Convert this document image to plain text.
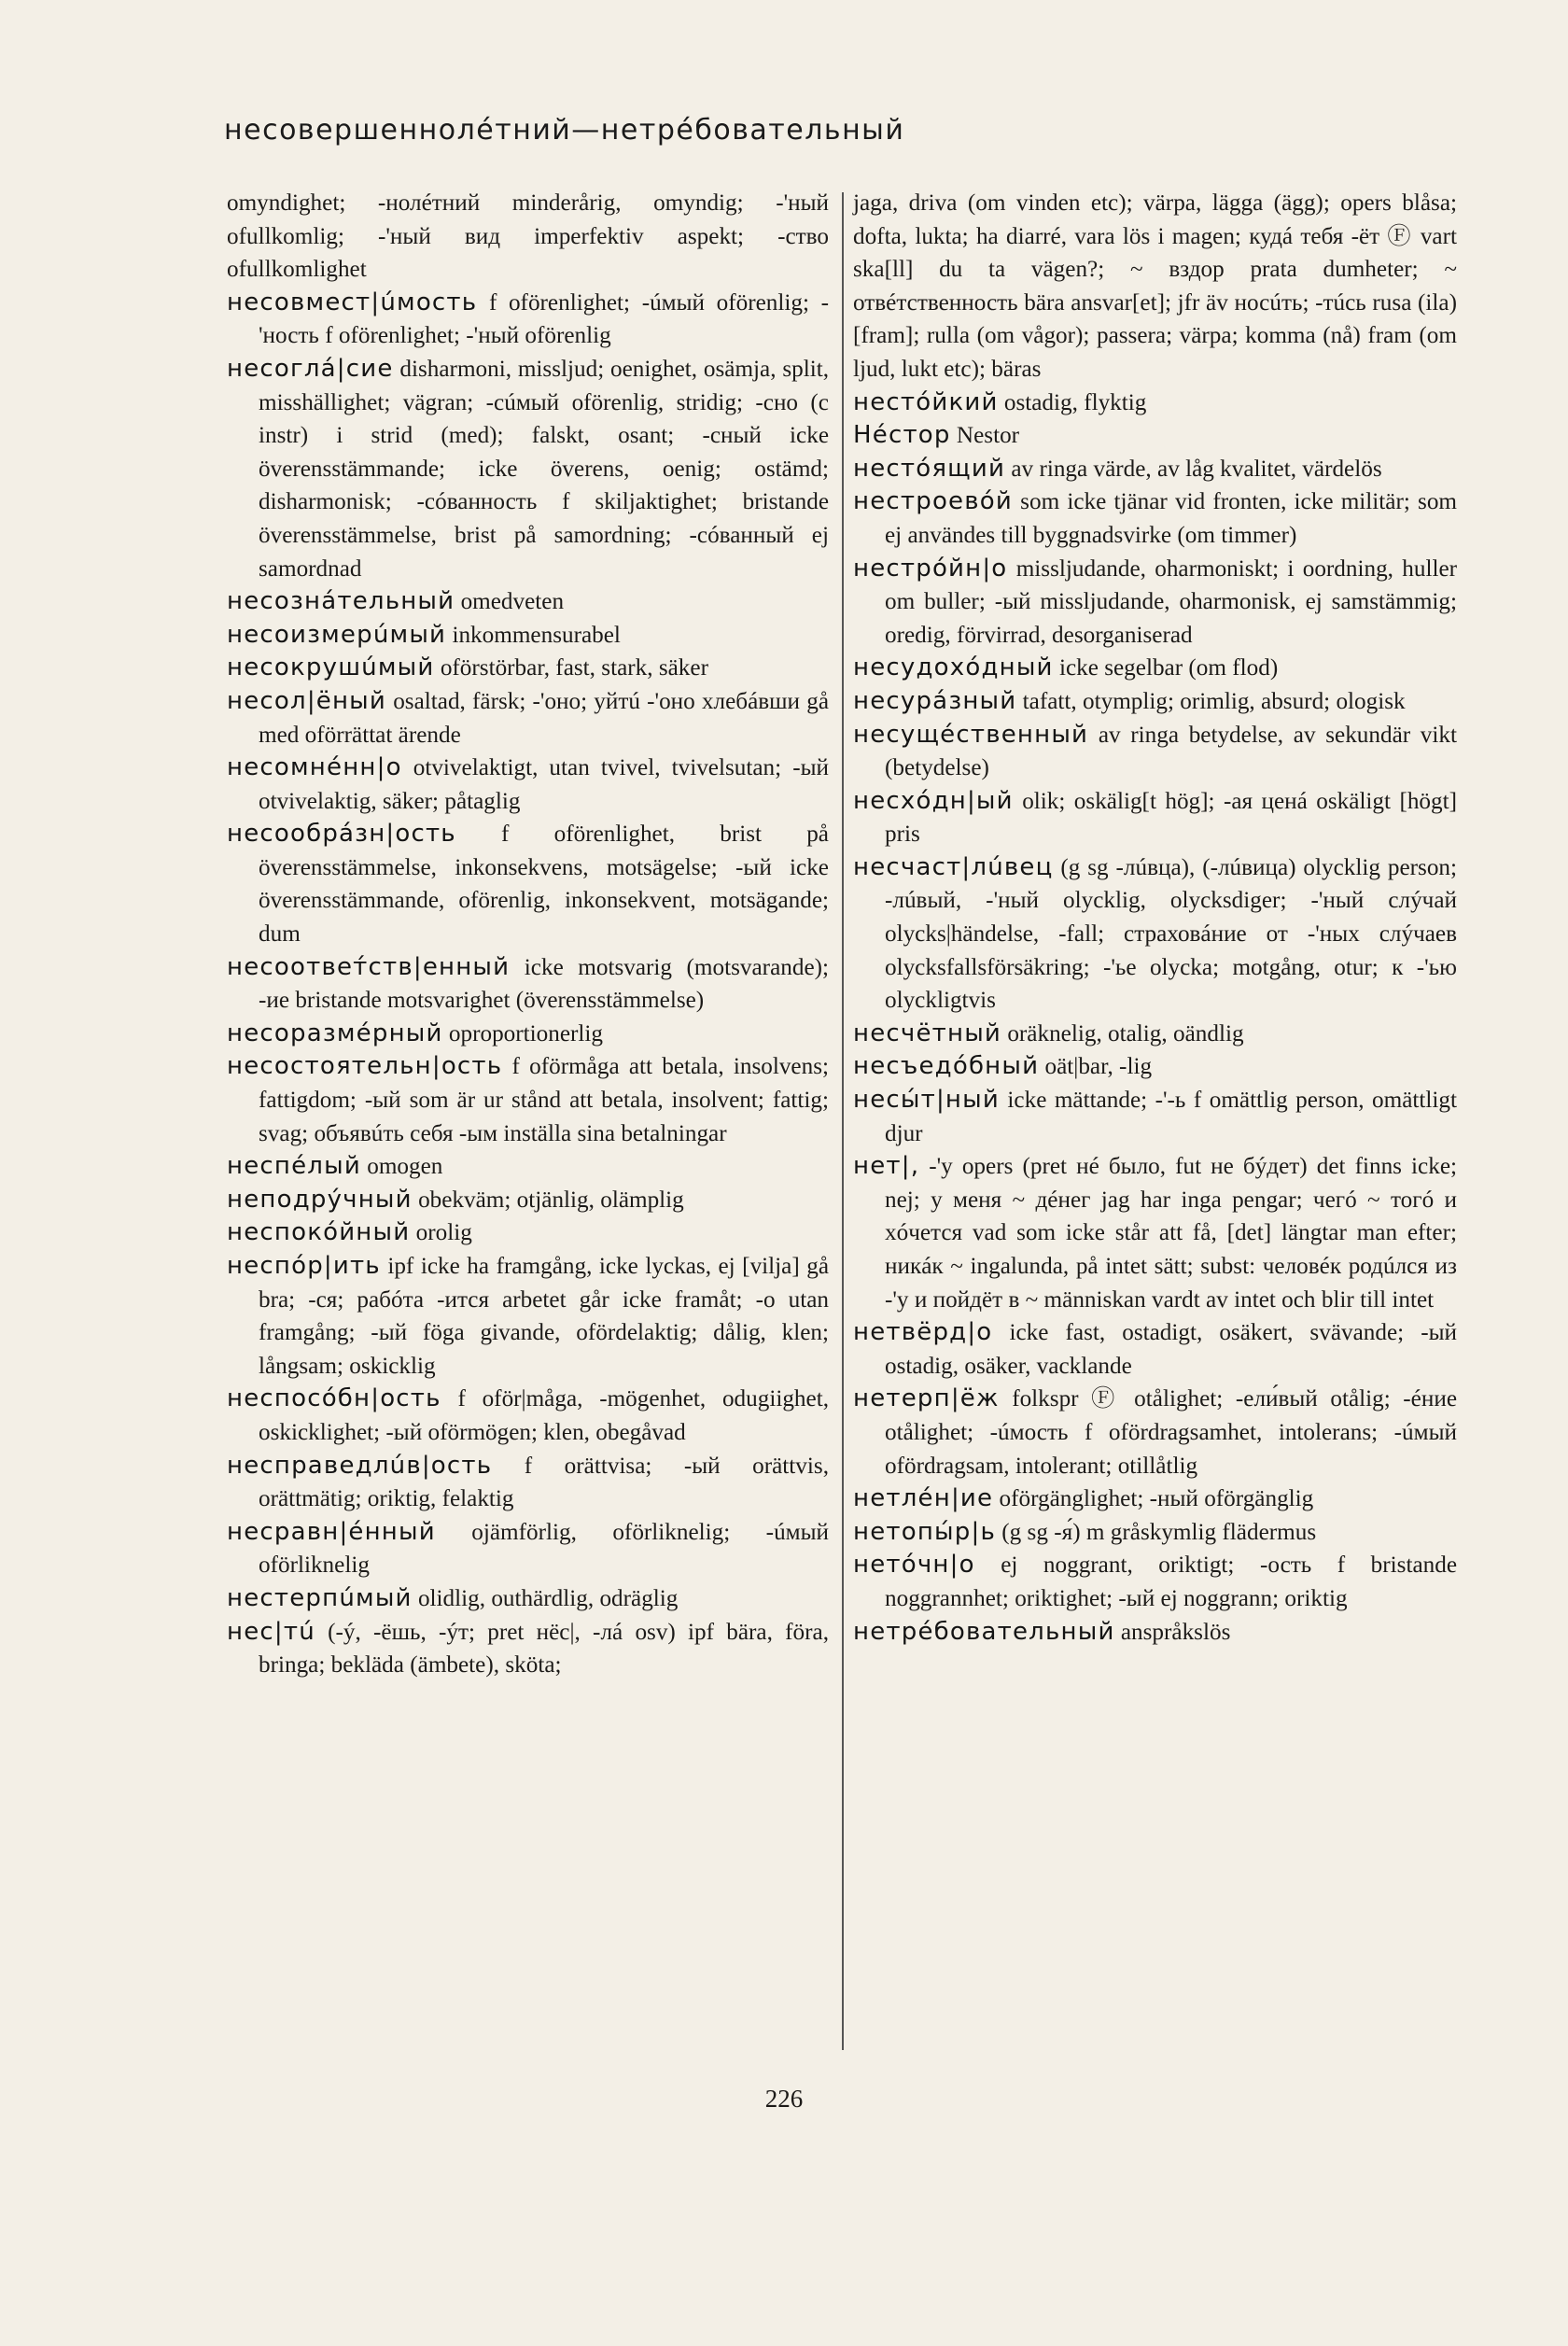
несовершеннолéтний—нетрéбовательный

omyndighet; -нолéтний minderårig, omyndig; -'ный ofullkomlig; -'ный вид imperfektiv aspekt; -ство ofullkomlighet

несовмест|úмость f oförenlighet; -úмый oförenlig; -'ность f oförenlighet; -'ный oförenlig

несоглá|сие disharmoni, missljud; oenighet, osämja, split, misshällighet; vägran; -сúмый oförenlig, stridig; -сно (с instr) i strid (med); falskt, osant; -сный icke överensstämmande; icke överens, oenig; ostämd; disharmonisk; -сóванность f skiljaktighet; bristande överensstämmelse, brist på samordning; -сóванный ej samordnad

несознáтельный omedveten

несоизмерúмый inkommensurabel

несокрушúмый oförstörbar, fast, stark, säker

несол|ёный osaltad, färsk; -'оно; уйтú -'оно хлебáвши gå med oförrättat ärende

несомнéнн|о otvivelaktigt, utan tvivel, tvivelsutan; -ый otvivelaktig, säker; påtaglig

несообрáзн|ость f oförenlighet, brist på överensstämmelse, inkonsekvens, motsägelse; -ый icke överensstämmande, oförenlig, inkonsekvent, motsägande; dum

несоответ́ств|енный icke motsvarig (motsvarande); -ие bristande motsvarighet (överensstämmelse)

несоразмéрный oproportionerlig

несостоятельн|ость f oförmåga att betala, insolvens; fattigdom; -ый som är ur stånd att betala, insolvent; fattig; svag; объявúть себя -ым inställa sina betalningar

неспéлый omogen

неподрýчный obekväm; otjänlig, olämplig

неспокóйный orolig

неспóр|ить ipf icke ha framgång, icke lyckas, ej [vilja] gå bra; -ся; рабóта -ится arbetet går icke framåt; -о utan framgång; -ый föga givande, ofördelaktig; dålig, klen; långsam; oskicklig

неспосóбн|ость f oför|måga, -mögenhet, odugiighet, oskicklighet; -ый oförmögen; klen, obegåvad

несправедлúв|ость f orättvisa; -ый orättvis, orättmätig; oriktig, felaktig

несравн|éнный ojämförlig, oförliknelig; -úмый oförliknelig

нестерпúмый olidlig, outhärdlig, odräglig

нес|тú (-ý, -ёшь, -ýт; pret нёс|, -лá osv) ipf bära, föra, bringa; bekläda (ämbete), sköta;

jaga, driva (om vinden etc); värpa, lägga (ägg); opers blåsa; dofta, lukta; ha diarré, vara lös i magen; кудá тебя -ёт Ⓕ vart ska[ll] du ta vägen?; ~ вздор prata dumheter; ~ отвéтственность bära ansvar[et]; jfr äv носúть; -тúсь rusa (ila) [fram]; rulla (om vågor); passera; värpa; komma (nå) fram (om ljud, lukt etc); bäras

нестóйкий ostadig, flyktig

Нéстор Nestor

нестóящий av ringa värde, av låg kvalitet, värdelös

нестроевóй som icke tjänar vid fronten, icke militär; som ej användes till byggnadsvirke (om timmer)

нестрóйн|о missljudande, oharmoniskt; i oordning, huller om buller; -ый missljudande, oharmonisk, ej samstämmig; oredig, förvirrad, desorganiserad

несудохóдный icke segelbar (om flod)

несурáзный tafatt, otymplig; orimlig, absurd; ologisk

несущéственный av ringa betydelse, av sekundär vikt (betydelse)

несхóдн|ый olik; oskälig[t hög]; -ая ценá oskäligt [högt] pris

несчаст|лúвец (g sg -лúвца), (-лúвица) olycklig person; -лúвый, -'ный olycklig, olycksdiger; -'ный слýчай olycks|händelse, -fall; страховáние от -'ных слýчаев olycksfallsförsäkring; -'ье olycka; motgång, otur; к -'ью olyckligtvis

несчётный oräknelig, otalig, oändlig

несъедóбный oät|bar, -lig

несы́т|ный icke mättande; -'-ь f omättlig person, omättligt djur

нет|, -'у opers (pret нé было, fut не бýдет) det finns icke; nej; у меня ~ дéнег jag har inga pengar; чегó ~ тогó и хóчется vad som icke står att få, [det] längtar man efter; никáк ~ ingalunda, på intet sätt; subst: человéк родúлся из -'у и пойдёт в ~ människan vardt av intet och blir till intet

нетвёрд|о icke fast, ostadigt, osäkert, svävande; -ый ostadig, osäker, vacklande

нетерп|ёж folkspr Ⓕ otålighet; -ели́вый otålig; -éние otålighet; -úмость f ofördragsamhet, intolerans; -úмый ofördragsam, intolerant; otillåtlig

нетлéн|ие oförgänglighet; -ный oförgänglig

нетопы́р|ь (g sg -я́) m gråskymlig flädermus

нетóчн|о ej noggrant, oriktigt; -ость f bristande noggrannhet; oriktighet; -ый ej noggrann; oriktig

нетрéбовательный anspråkslös

226
